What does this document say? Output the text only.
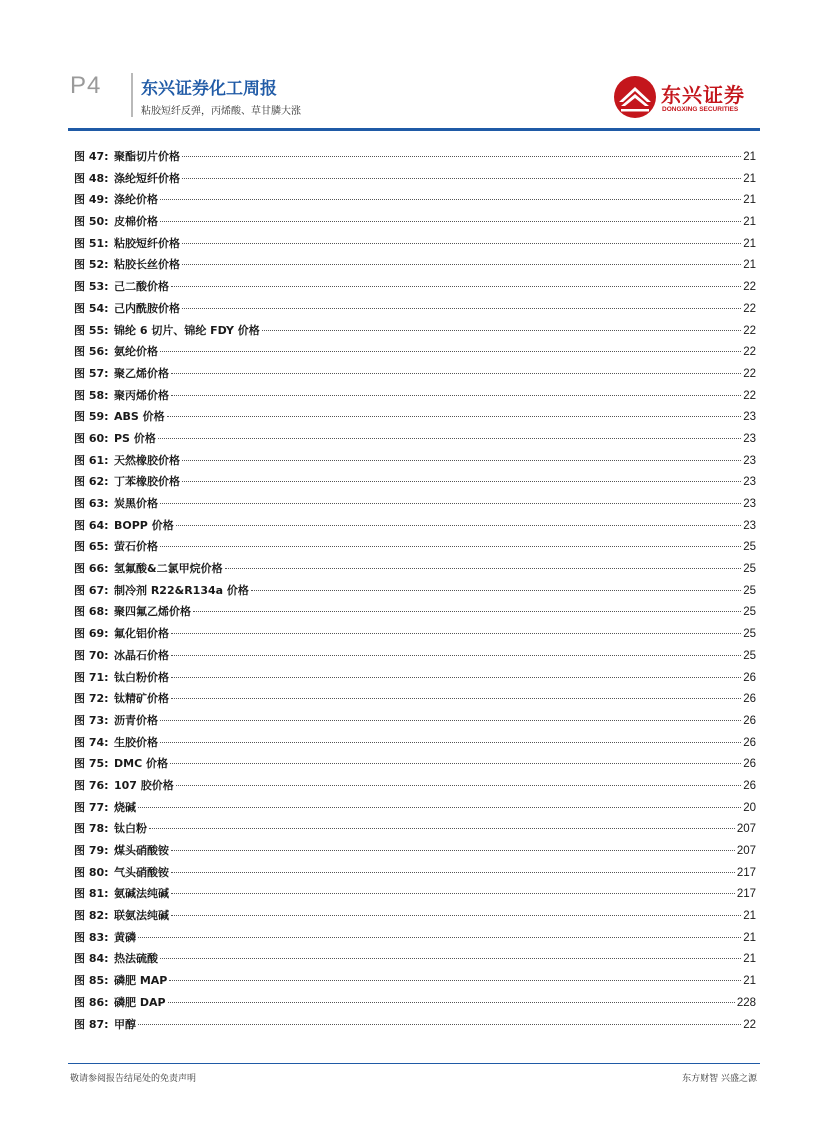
P4 东兴证券化工周报
粘胶短纤反弹，丙烯酸、草甘膦大涨
东兴证券
DONGXING SECURITIES
图 47: 聚酯切片价格	21
图 48: 涤纶短纤价格	21
图 49: 涤纶价格	21
图 50: 皮棉价格	21
图 51: 粘胶短纤价格	21
图 52: 粘胶长丝价格	21
图 53: 己二酸价格	22
图 54: 己内酰胺价格	22
图 55: 锦纶 6 切片、锦纶 FDY 价格	22
图 56: 氨纶价格	22
图 57: 聚乙烯价格	22
图 58: 聚丙烯价格	22
图 59: ABS 价格	23
图 60: PS 价格	23
图 61: 天然橡胶价格	23
图 62: 丁苯橡胶价格	23
图 63: 炭黑价格	23
图 64: BOPP 价格	23
图 65: 萤石价格	25
图 66: 氢氟酸&二氯甲烷价格	25
图 67: 制冷剂 R22&R134a 价格	25
图 68: 聚四氟乙烯价格	25
图 69: 氟化铝价格	25
图 70: 冰晶石价格	25
图 71: 钛白粉价格	26
图 72: 钛精矿价格	26
图 73: 沥青价格	26
图 74: 生胶价格	26
图 75: DMC 价格	26
图 76: 107 胶价格	26
图 77: 烧碱	20
图 78: 钛白粉	207
图 79: 煤头硝酸铵	207
图 80: 气头硝酸铵	217
图 81: 氨碱法纯碱	217
图 82: 联氨法纯碱	21
图 83: 黄磷	21
图 84: 热法硫酸	21
图 85: 磷肥 MAP	21
图 86: 磷肥 DAP	228
图 87: 甲醇	22
敬请参阅报告结尾处的免责声明	东方财智 兴盛之源
